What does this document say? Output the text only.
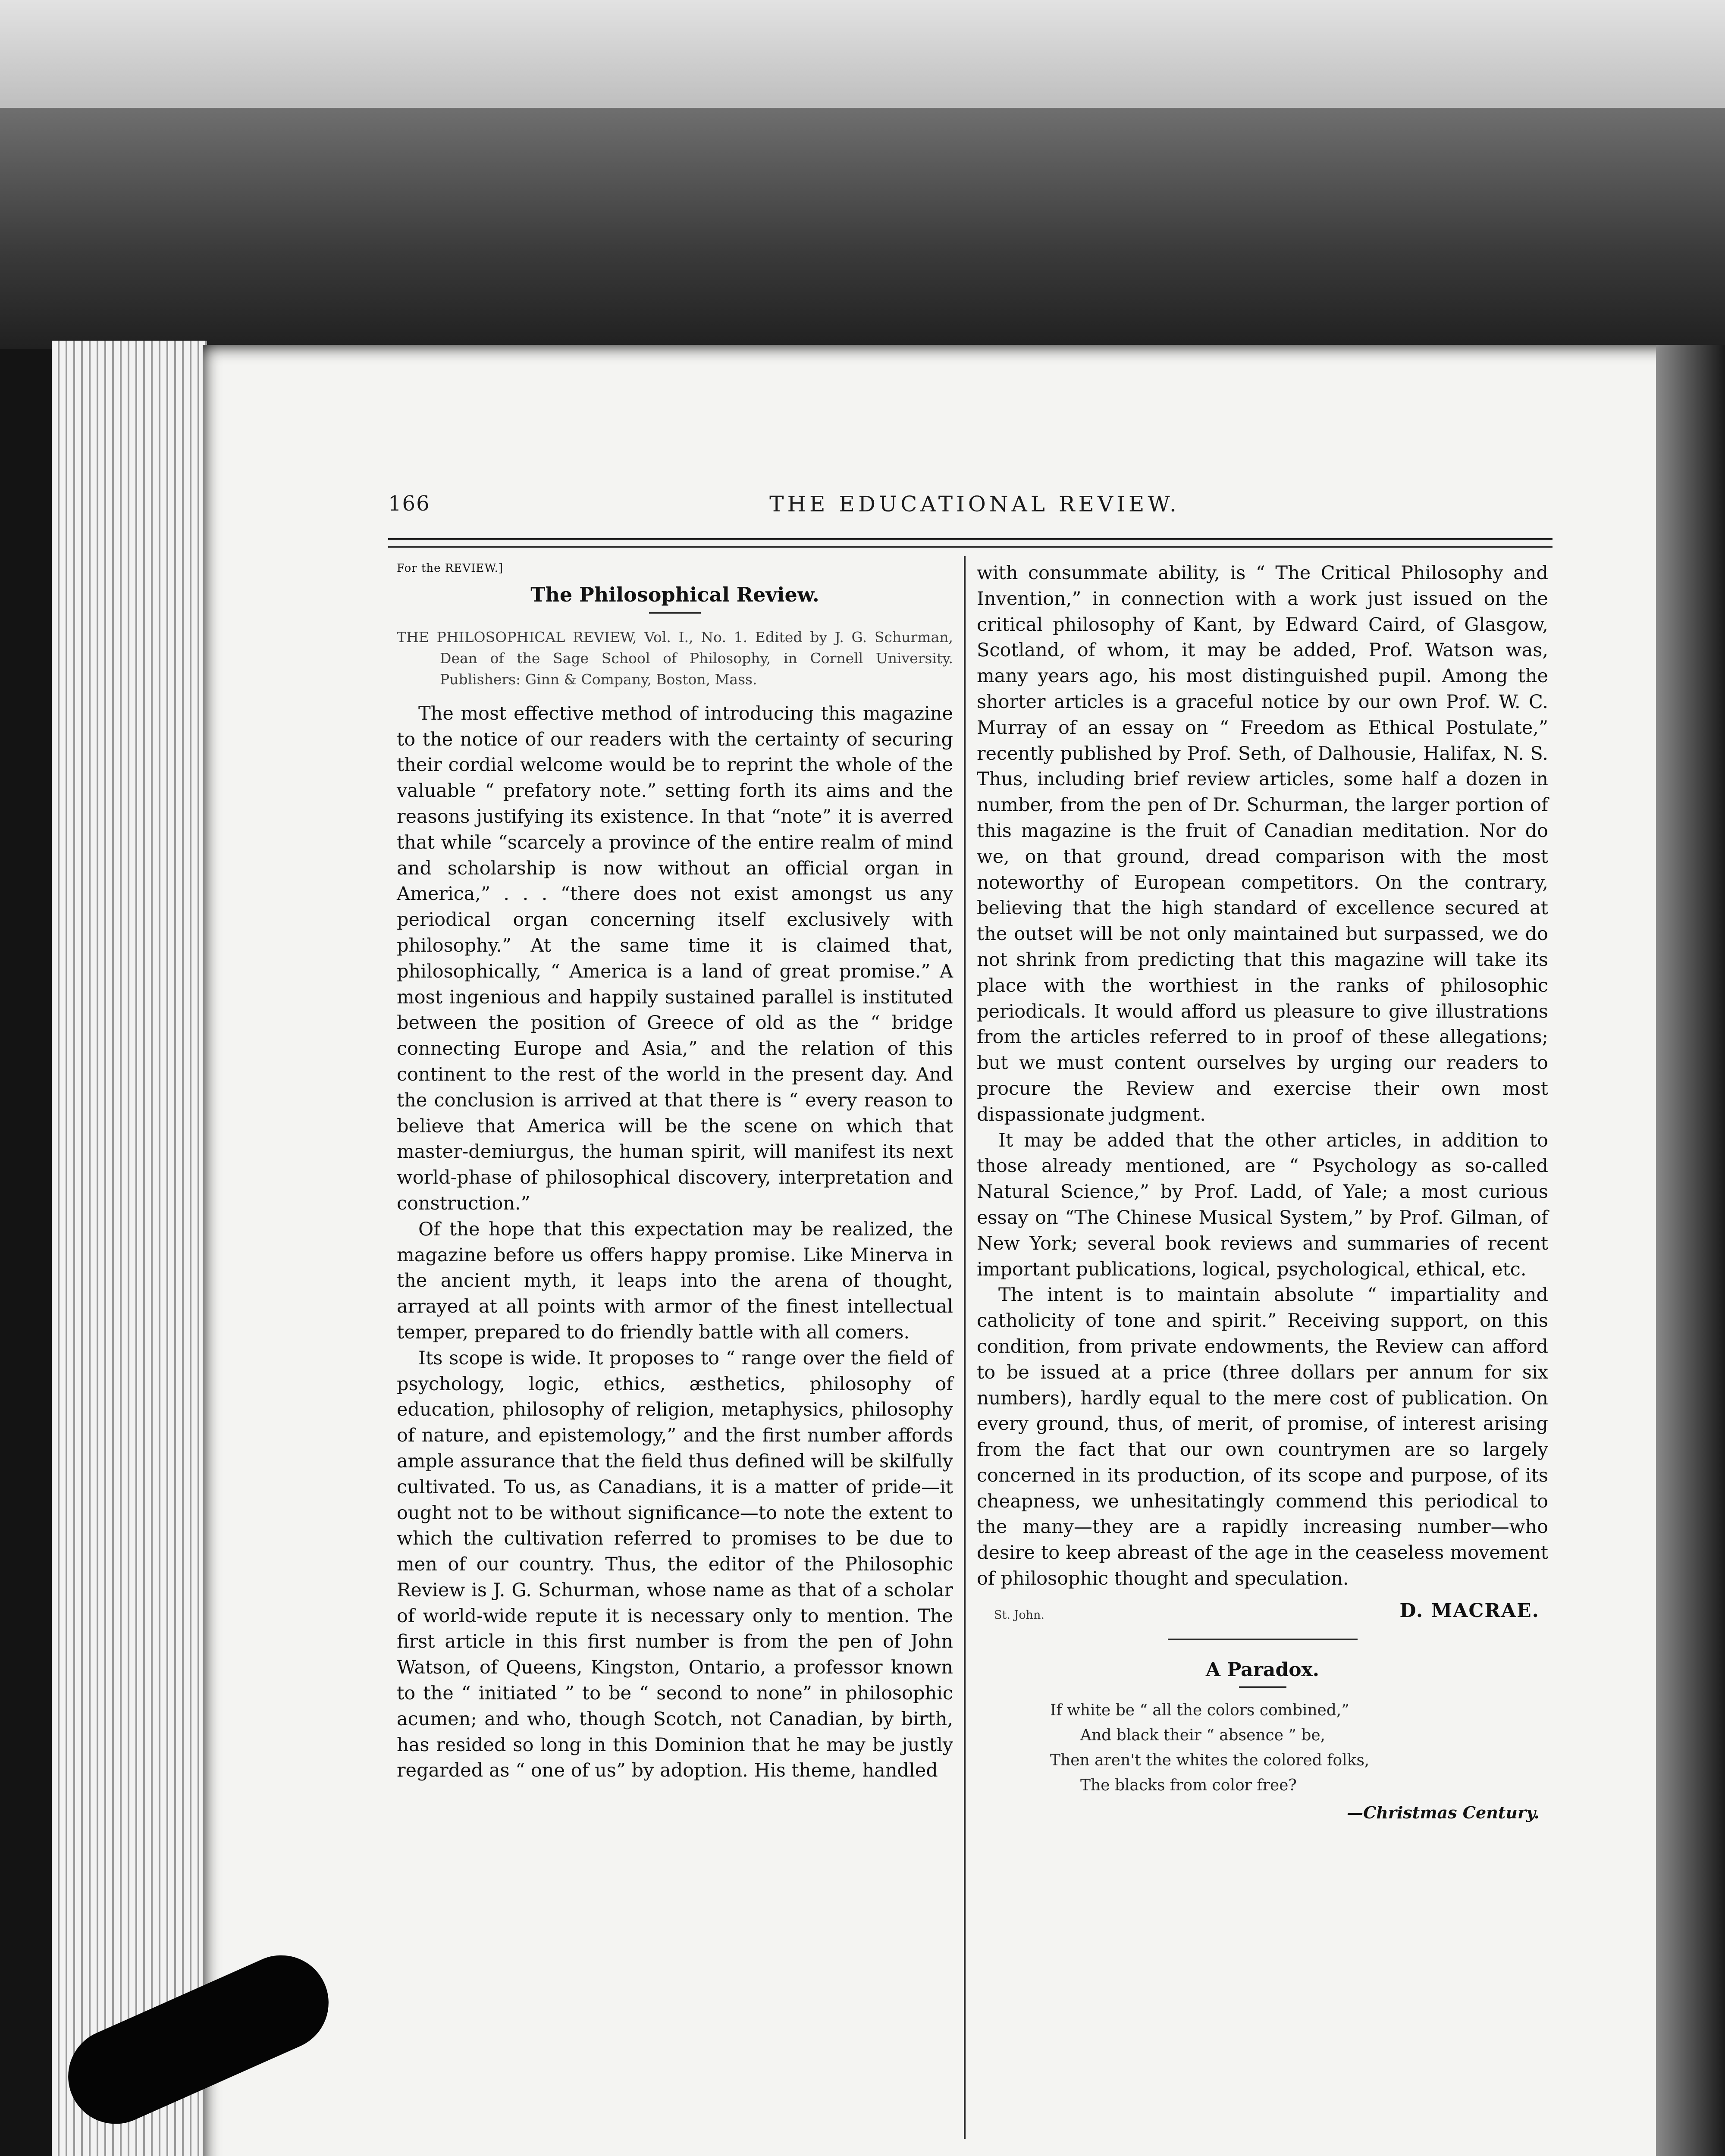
166	THE EDUCATIONAL REVIEW.
For the REVIEW.]
The Philosophical Review.
THE PHILOSOPHICAL REVIEW, Vol. I., No. 1. Edited by J. G. Schurman, Dean of the Sage School of Philosophy, in Cornell University. Publishers: Ginn & Company, Boston, Mass.

The most effective method of introducing this magazine to the notice of our readers with the certainty of securing their cordial welcome would be to reprint the whole of the valuable “ prefatory note.” setting forth its aims and the reasons justifying its existence. In that “note” it is averred that while “scarcely a province of the entire realm of mind and scholarship is now without an official organ in America,” . . . “there does not exist amongst us any periodical organ concerning itself exclusively with philosophy.” At the same time it is claimed that, philosophically, “ America is a land of great promise.” A most ingenious and happily sustained parallel is instituted between the position of Greece of old as the “ bridge connecting Europe and Asia,” and the relation of this continent to the rest of the world in the present day. And the conclusion is arrived at that there is “ every reason to believe that America will be the scene on which that master-demiurgus, the human spirit, will manifest its next world-phase of philosophical discovery, interpretation and construction.”

Of the hope that this expectation may be realized, the magazine before us offers happy promise. Like Minerva in the ancient myth, it leaps into the arena of thought, arrayed at all points with armor of the finest intellectual temper, prepared to do friendly battle with all comers.

Its scope is wide. It proposes to “ range over the field of psychology, logic, ethics, æsthetics, philosophy of education, philosophy of religion, metaphysics, philosophy of nature, and epistemology,” and the first number affords ample assurance that the field thus defined will be skilfully cultivated. To us, as Canadians, it is a matter of pride—it ought not to be without significance—to note the extent to which the cultivation referred to promises to be due to men of our country. Thus, the editor of the Philosophic Review is J. G. Schurman, whose name as that of a scholar of world-wide repute it is necessary only to mention. The first article in this first number is from the pen of John Watson, of Queens, Kingston, Ontario, a professor known to the “ initiated ” to be “ second to none” in philosophic acumen; and who, though Scotch, not Canadian, by birth, has resided so long in this Dominion that he may be justly regarded as “ one of us” by adoption. His theme, handled

with consummate ability, is “ The Critical Philosophy and Invention,” in connection with a work just issued on the critical philosophy of Kant, by Edward Caird, of Glasgow, Scotland, of whom, it may be added, Prof. Watson was, many years ago, his most distinguished pupil. Among the shorter articles is a graceful notice by our own Prof. W. C. Murray of an essay on “ Freedom as Ethical Postulate,” recently published by Prof. Seth, of Dalhousie, Halifax, N. S. Thus, including brief review articles, some half a dozen in number, from the pen of Dr. Schurman, the larger portion of this magazine is the fruit of Canadian meditation. Nor do we, on that ground, dread comparison with the most noteworthy of European competitors. On the contrary, believing that the high standard of excellence secured at the outset will be not only maintained but surpassed, we do not shrink from predicting that this magazine will take its place with the worthiest in the ranks of philosophic periodicals. It would afford us pleasure to give illustrations from the articles referred to in proof of these allegations; but we must content ourselves by urging our readers to procure the Review and exercise their own most dispassionate judgment.

It may be added that the other articles, in addition to those already mentioned, are “ Psychology as so-called Natural Science,” by Prof. Ladd, of Yale; a most curious essay on “The Chinese Musical System,” by Prof. Gilman, of New York; several book reviews and summaries of recent important publications, logical, psychological, ethical, etc.

The intent is to maintain absolute “ impartiality and catholicity of tone and spirit.” Receiving support, on this condition, from private endowments, the Review can afford to be issued at a price (three dollars per annum for six numbers), hardly equal to the mere cost of publication. On every ground, thus, of merit, of promise, of interest arising from the fact that our own countrymen are so largely concerned in its production, of its scope and purpose, of its cheapness, we unhesitatingly commend this periodical to the many—they are a rapidly increasing number—who desire to keep abreast of the age in the ceaseless movement of philosophic thought and speculation.

St. John.	D. MACRAE.
A Paradox.
If white be “ all the colors combined,”
And black their “ absence ” be,
Then aren't the whites the colored folks,
The blacks from color free?
—Christmas Century.
